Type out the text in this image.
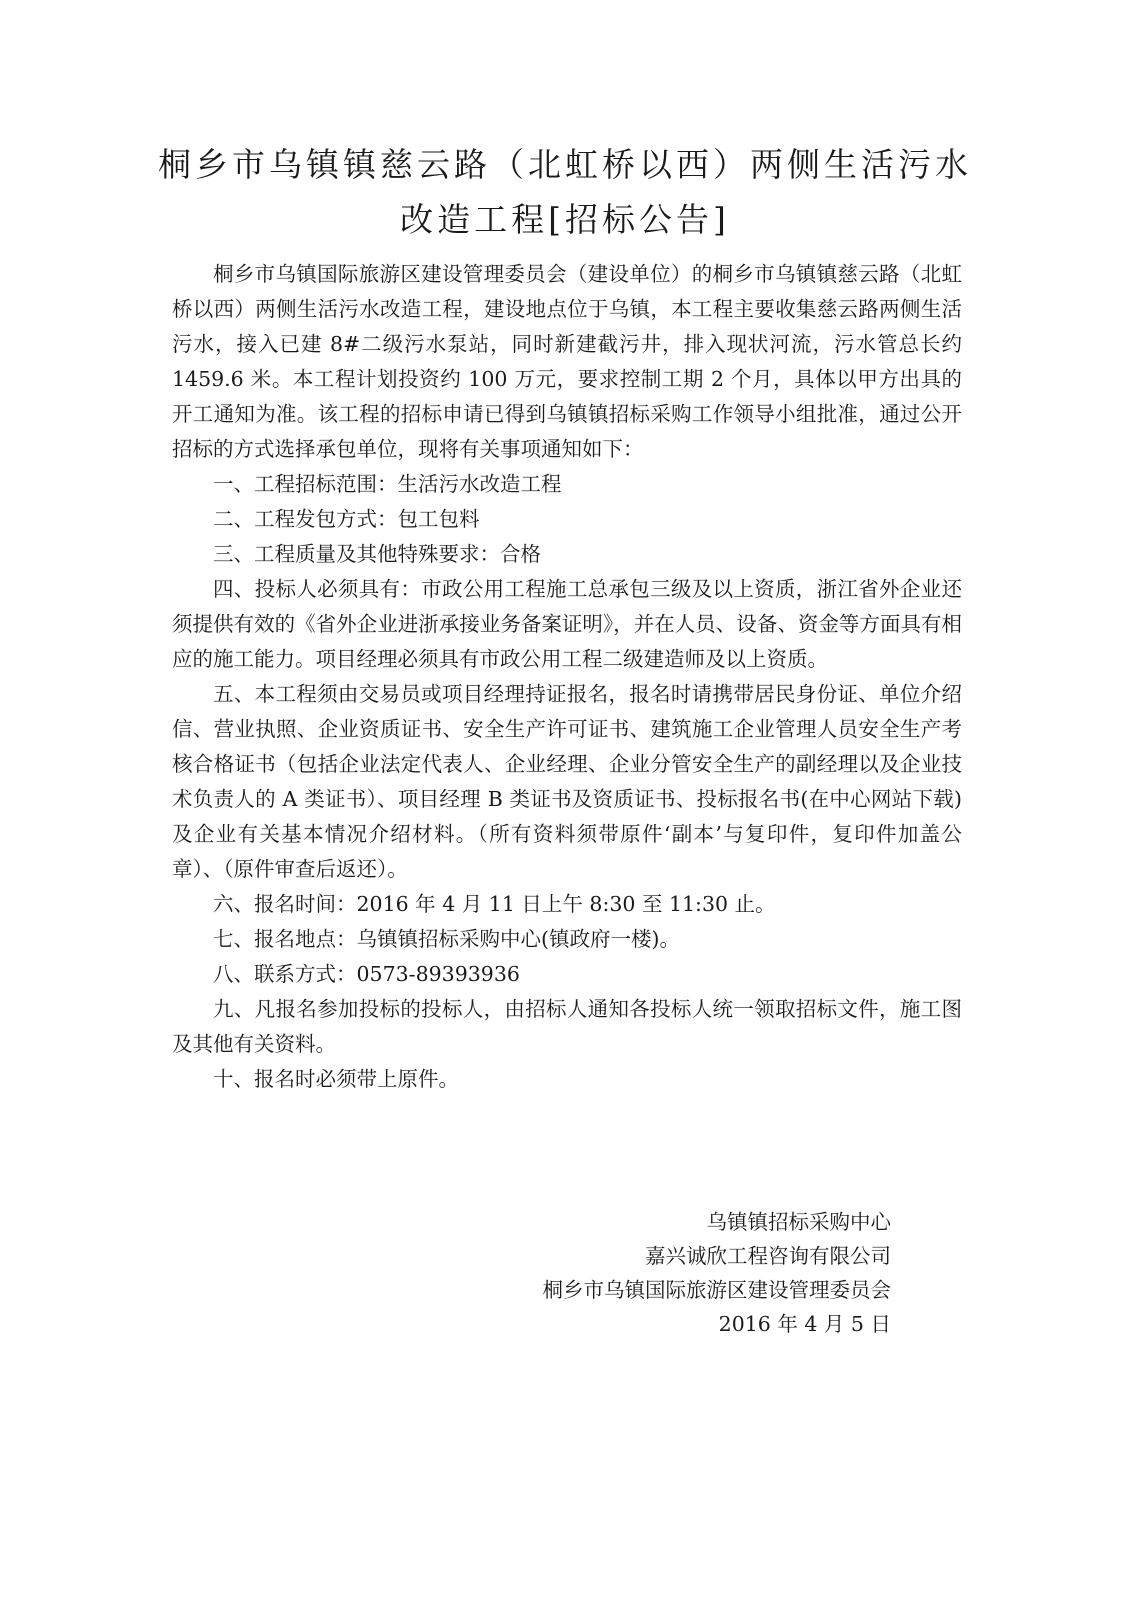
桐乡市乌镇镇慈云路（北虹桥以西）两侧生活污水
改造工程[招标公告]

桐乡市乌镇国际旅游区建设管理委员会（建设单位）的桐乡市乌镇镇慈云路（北虹桥以西）两侧生活污水改造工程，建设地点位于乌镇，本工程主要收集慈云路两侧生活污水，接入已建 8#二级污水泵站，同时新建截污井，排入现状河流，污水管总长约 1459.6 米。本工程计划投资约 100 万元，要求控制工期 2 个月，具体以甲方出具的开工通知为准。该工程的招标申请已得到乌镇镇招标采购工作领导小组批准，通过公开招标的方式选择承包单位，现将有关事项通知如下：

一、工程招标范围：生活污水改造工程

二、工程发包方式：包工包料

三、工程质量及其他特殊要求：合格

四、投标人必须具有：市政公用工程施工总承包三级及以上资质，浙江省外企业还须提供有效的《省外企业进浙承接业务备案证明》，并在人员、设备、资金等方面具有相应的施工能力。项目经理必须具有市政公用工程二级建造师及以上资质。

五、本工程须由交易员或项目经理持证报名，报名时请携带居民身份证、单位介绍信、营业执照、企业资质证书、安全生产许可证书、建筑施工企业管理人员安全生产考核合格证书（包括企业法定代表人、企业经理、企业分管安全生产的副经理以及企业技术负责人的 A 类证书）、项目经理 B 类证书及资质证书、投标报名书(在中心网站下载)及企业有关基本情况介绍材料。（所有资料须带原件‘副本’与复印件，复印件加盖公章）、（原件审查后返还）。

六、报名时间：2016 年 4 月 11 日上午 8:30 至 11:30 止。

七、报名地点：乌镇镇招标采购中心(镇政府一楼)。

八、联系方式：0573-89393936

九、凡报名参加投标的投标人，由招标人通知各投标人统一领取招标文件，施工图及其他有关资料。

十、报名时必须带上原件。

乌镇镇招标采购中心
嘉兴诚欣工程咨询有限公司
桐乡市乌镇国际旅游区建设管理委员会
2016 年 4 月 5 日
